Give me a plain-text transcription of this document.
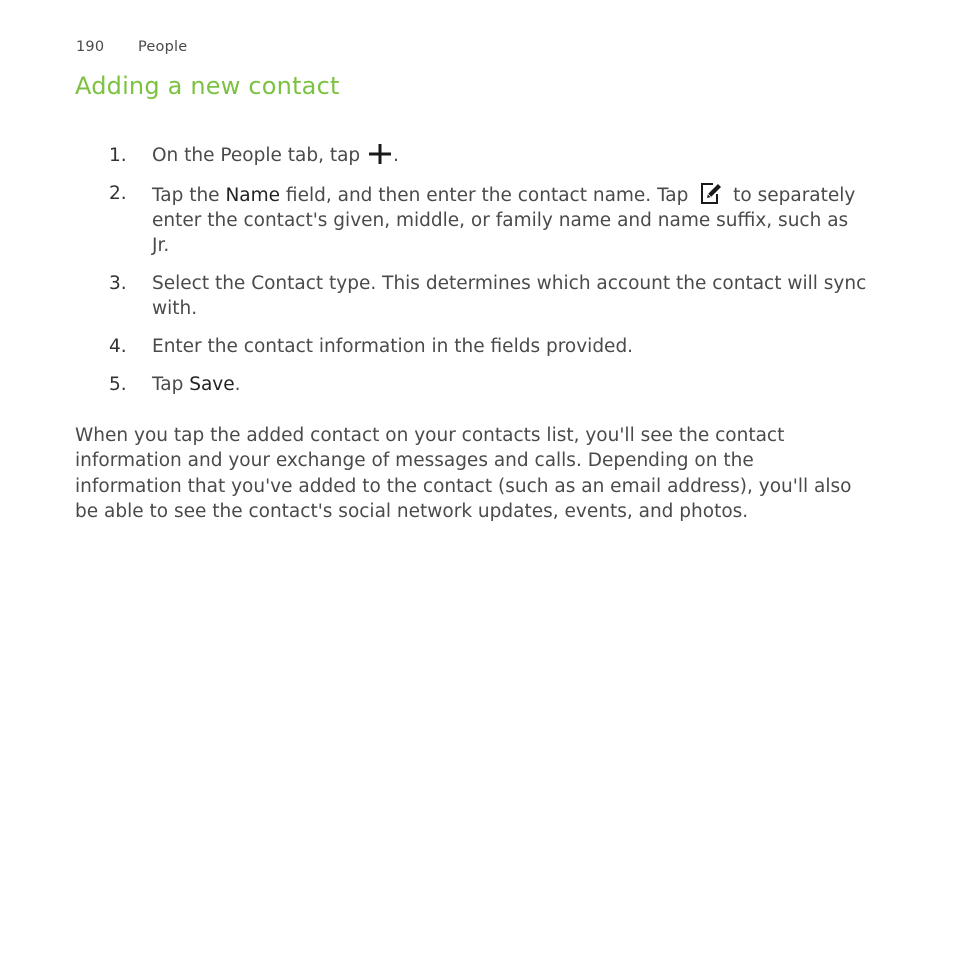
190 People
Adding a new contact
1. On the People tab, tap .
2. Tap the Name field, and then enter the contact name. Tap  to separately enter the contact's given, middle, or family name and name suffix, such as Jr.
3. Select the Contact type. This determines which account the contact will sync with.
4. Enter the contact information in the fields provided.
5. Tap Save.

When you tap the added contact on your contacts list, you'll see the contact information and your exchange of messages and calls. Depending on the information that you've added to the contact (such as an email address), you'll also be able to see the contact's social network updates, events, and photos.
